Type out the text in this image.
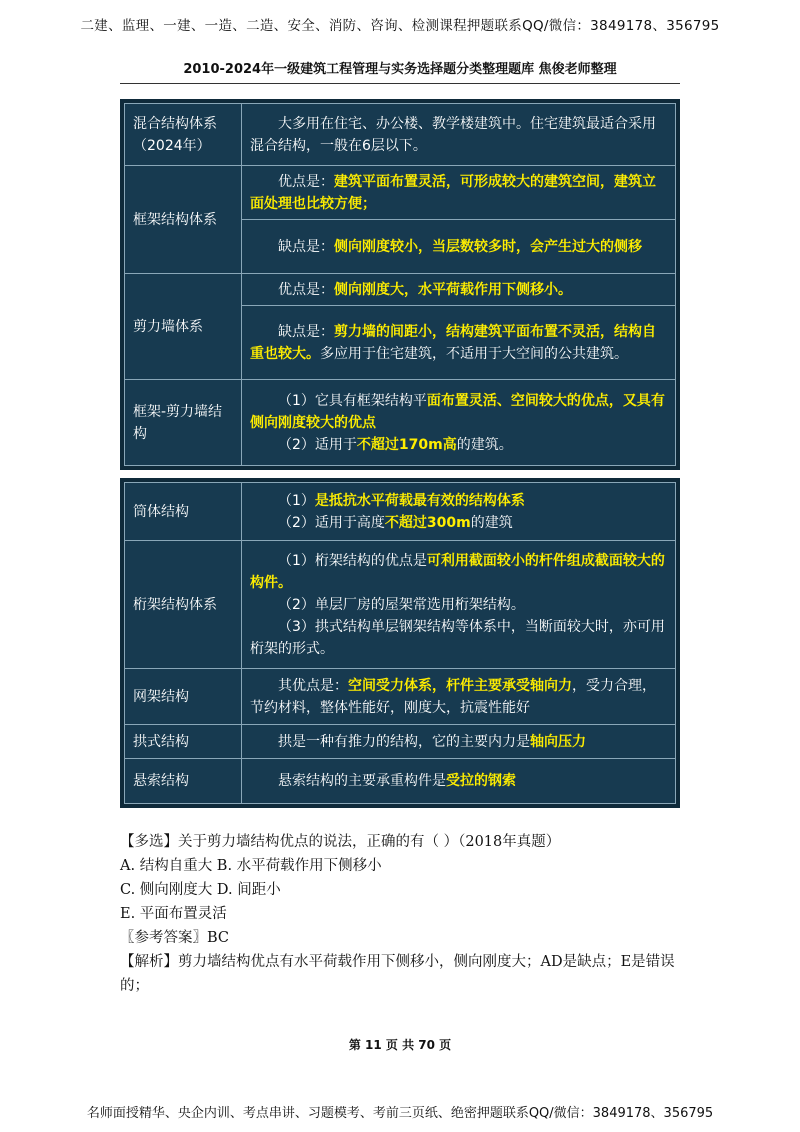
二建、监理、一建、一造、二造、安全、消防、咨询、检测课程押题联系QQ/微信：3849178、356795
2010-2024年一级建筑工程管理与实务选择题分类整理题库 焦俊老师整理
混合结构体系（2024年）	大多用在住宅、办公楼、教学楼建筑中。住宅建筑最适合采用混合结构，一般在6层以下。
框架结构体系	优点是：建筑平面布置灵活，可形成较大的建筑空间，建筑立面处理也比较方便；
	缺点是：侧向刚度较小，当层数较多时，会产生过大的侧移
剪力墙体系	优点是：侧向刚度大，水平荷载作用下侧移小。
	缺点是：剪力墙的间距小，结构建筑平面布置不灵活，结构自重也较大。多应用于住宅建筑，不适用于大空间的公共建筑。
框架-剪力墙结构	（1）它具有框架结构平面布置灵活、空间较大的优点，又具有侧向刚度较大的优点
（2）适用于不超过170m高的建筑。
筒体结构	（1）是抵抗水平荷载最有效的结构体系
（2）适用于高度不超过300m的建筑

桁架结构体系	（1）桁架结构的优点是可利用截面较小的杆件组成截面较大的构件。
（2）单层厂房的屋架常选用桁架结构。
（3）拱式结构单层钢架结构等体系中，当断面较大时，亦可用桁架的形式。

网架结构	其优点是：空间受力体系，杆件主要承受轴向力，受力合理，节约材料，整体性能好，刚度大，抗震性能好
拱式结构	拱是一种有推力的结构，它的主要内力是轴向压力
悬索结构	悬索结构的主要承重构件是受拉的钢索

【多选】关于剪力墙结构优点的说法，正确的有（ ）（2018年真题）

A. 结构自重大 B. 水平荷载作用下侧移小

C. 侧向刚度大 D. 间距小

E. 平面布置灵活

〖参考答案〗BC

【解析】剪力墙结构优点有水平荷载作用下侧移小，侧向刚度大；AD是缺点；E是错误的；

第 11 页 共 70 页
名师面授精华、央企内训、考点串讲、习题模考、考前三页纸、绝密押题联系QQ/微信：3849178、356795
